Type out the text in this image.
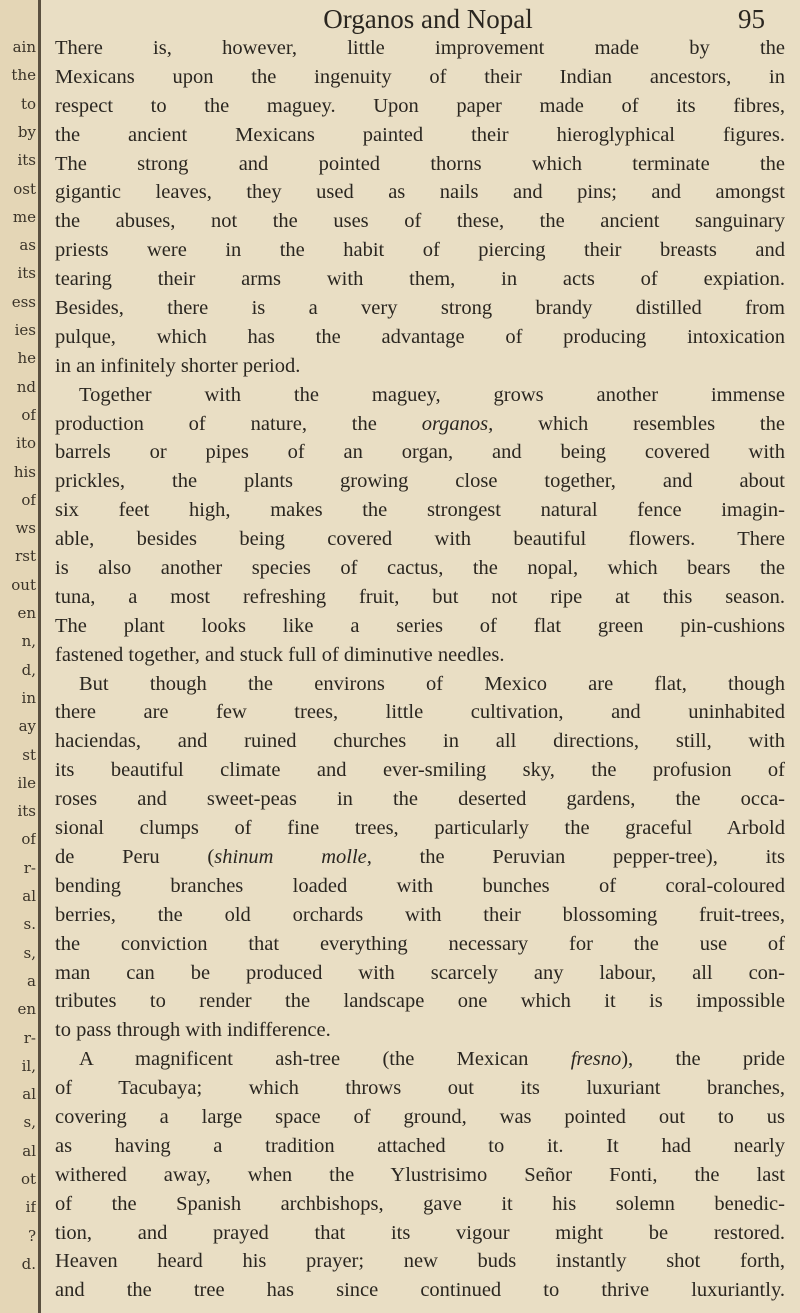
ain
the
to
by
its
ost
me
as
its
ess
ies
he
nd
of
ito
his
of
ws
rst
out
en
n,
d,
in
ay
st
ile
its
of
r-
al
s.
s,
a
en
r-
il,
al
s,
al
ot
if
?
d.
Organos and Nopal	95
There is, however, little improvement made by the
Mexicans upon the ingenuity of their Indian ancestors, in
respect to the maguey. Upon paper made of its fibres,
the ancient Mexicans painted their hieroglyphical figures.
The strong and pointed thorns which terminate the
gigantic leaves, they used as nails and pins; and amongst
the abuses, not the uses of these, the ancient sanguinary
priests were in the habit of piercing their breasts and
tearing their arms with them, in acts of expiation.
Besides, there is a very strong brandy distilled from
pulque, which has the advantage of producing intoxication
in an infinitely shorter period.
Together with the maguey, grows another immense
production of nature, the organos, which resembles the
barrels or pipes of an organ, and being covered with
prickles, the plants growing close together, and about
six feet high, makes the strongest natural fence imagin-
able, besides being covered with beautiful flowers. There
is also another species of cactus, the nopal, which bears the
tuna, a most refreshing fruit, but not ripe at this season.
The plant looks like a series of flat green pin-cushions
fastened together, and stuck full of diminutive needles.
But though the environs of Mexico are flat, though
there are few trees, little cultivation, and uninhabited
haciendas, and ruined churches in all directions, still, with
its beautiful climate and ever-smiling sky, the profusion of
roses and sweet-peas in the deserted gardens, the occa-
sional clumps of fine trees, particularly the graceful Arbold
de Peru (shinum molle, the Peruvian pepper-tree), its
bending branches loaded with bunches of coral-coloured
berries, the old orchards with their blossoming fruit-trees,
the conviction that everything necessary for the use of
man can be produced with scarcely any labour, all con-
tributes to render the landscape one which it is impossible
to pass through with indifference.
A magnificent ash-tree (the Mexican fresno), the pride
of Tacubaya; which throws out its luxuriant branches,
covering a large space of ground, was pointed out to us
as having a tradition attached to it. It had nearly
withered away, when the Ylustrisimo Señor Fonti, the last
of the Spanish archbishops, gave it his solemn benedic-
tion, and prayed that its vigour might be restored.
Heaven heard his prayer; new buds instantly shot forth,
and the tree has since continued to thrive luxuriantly.
